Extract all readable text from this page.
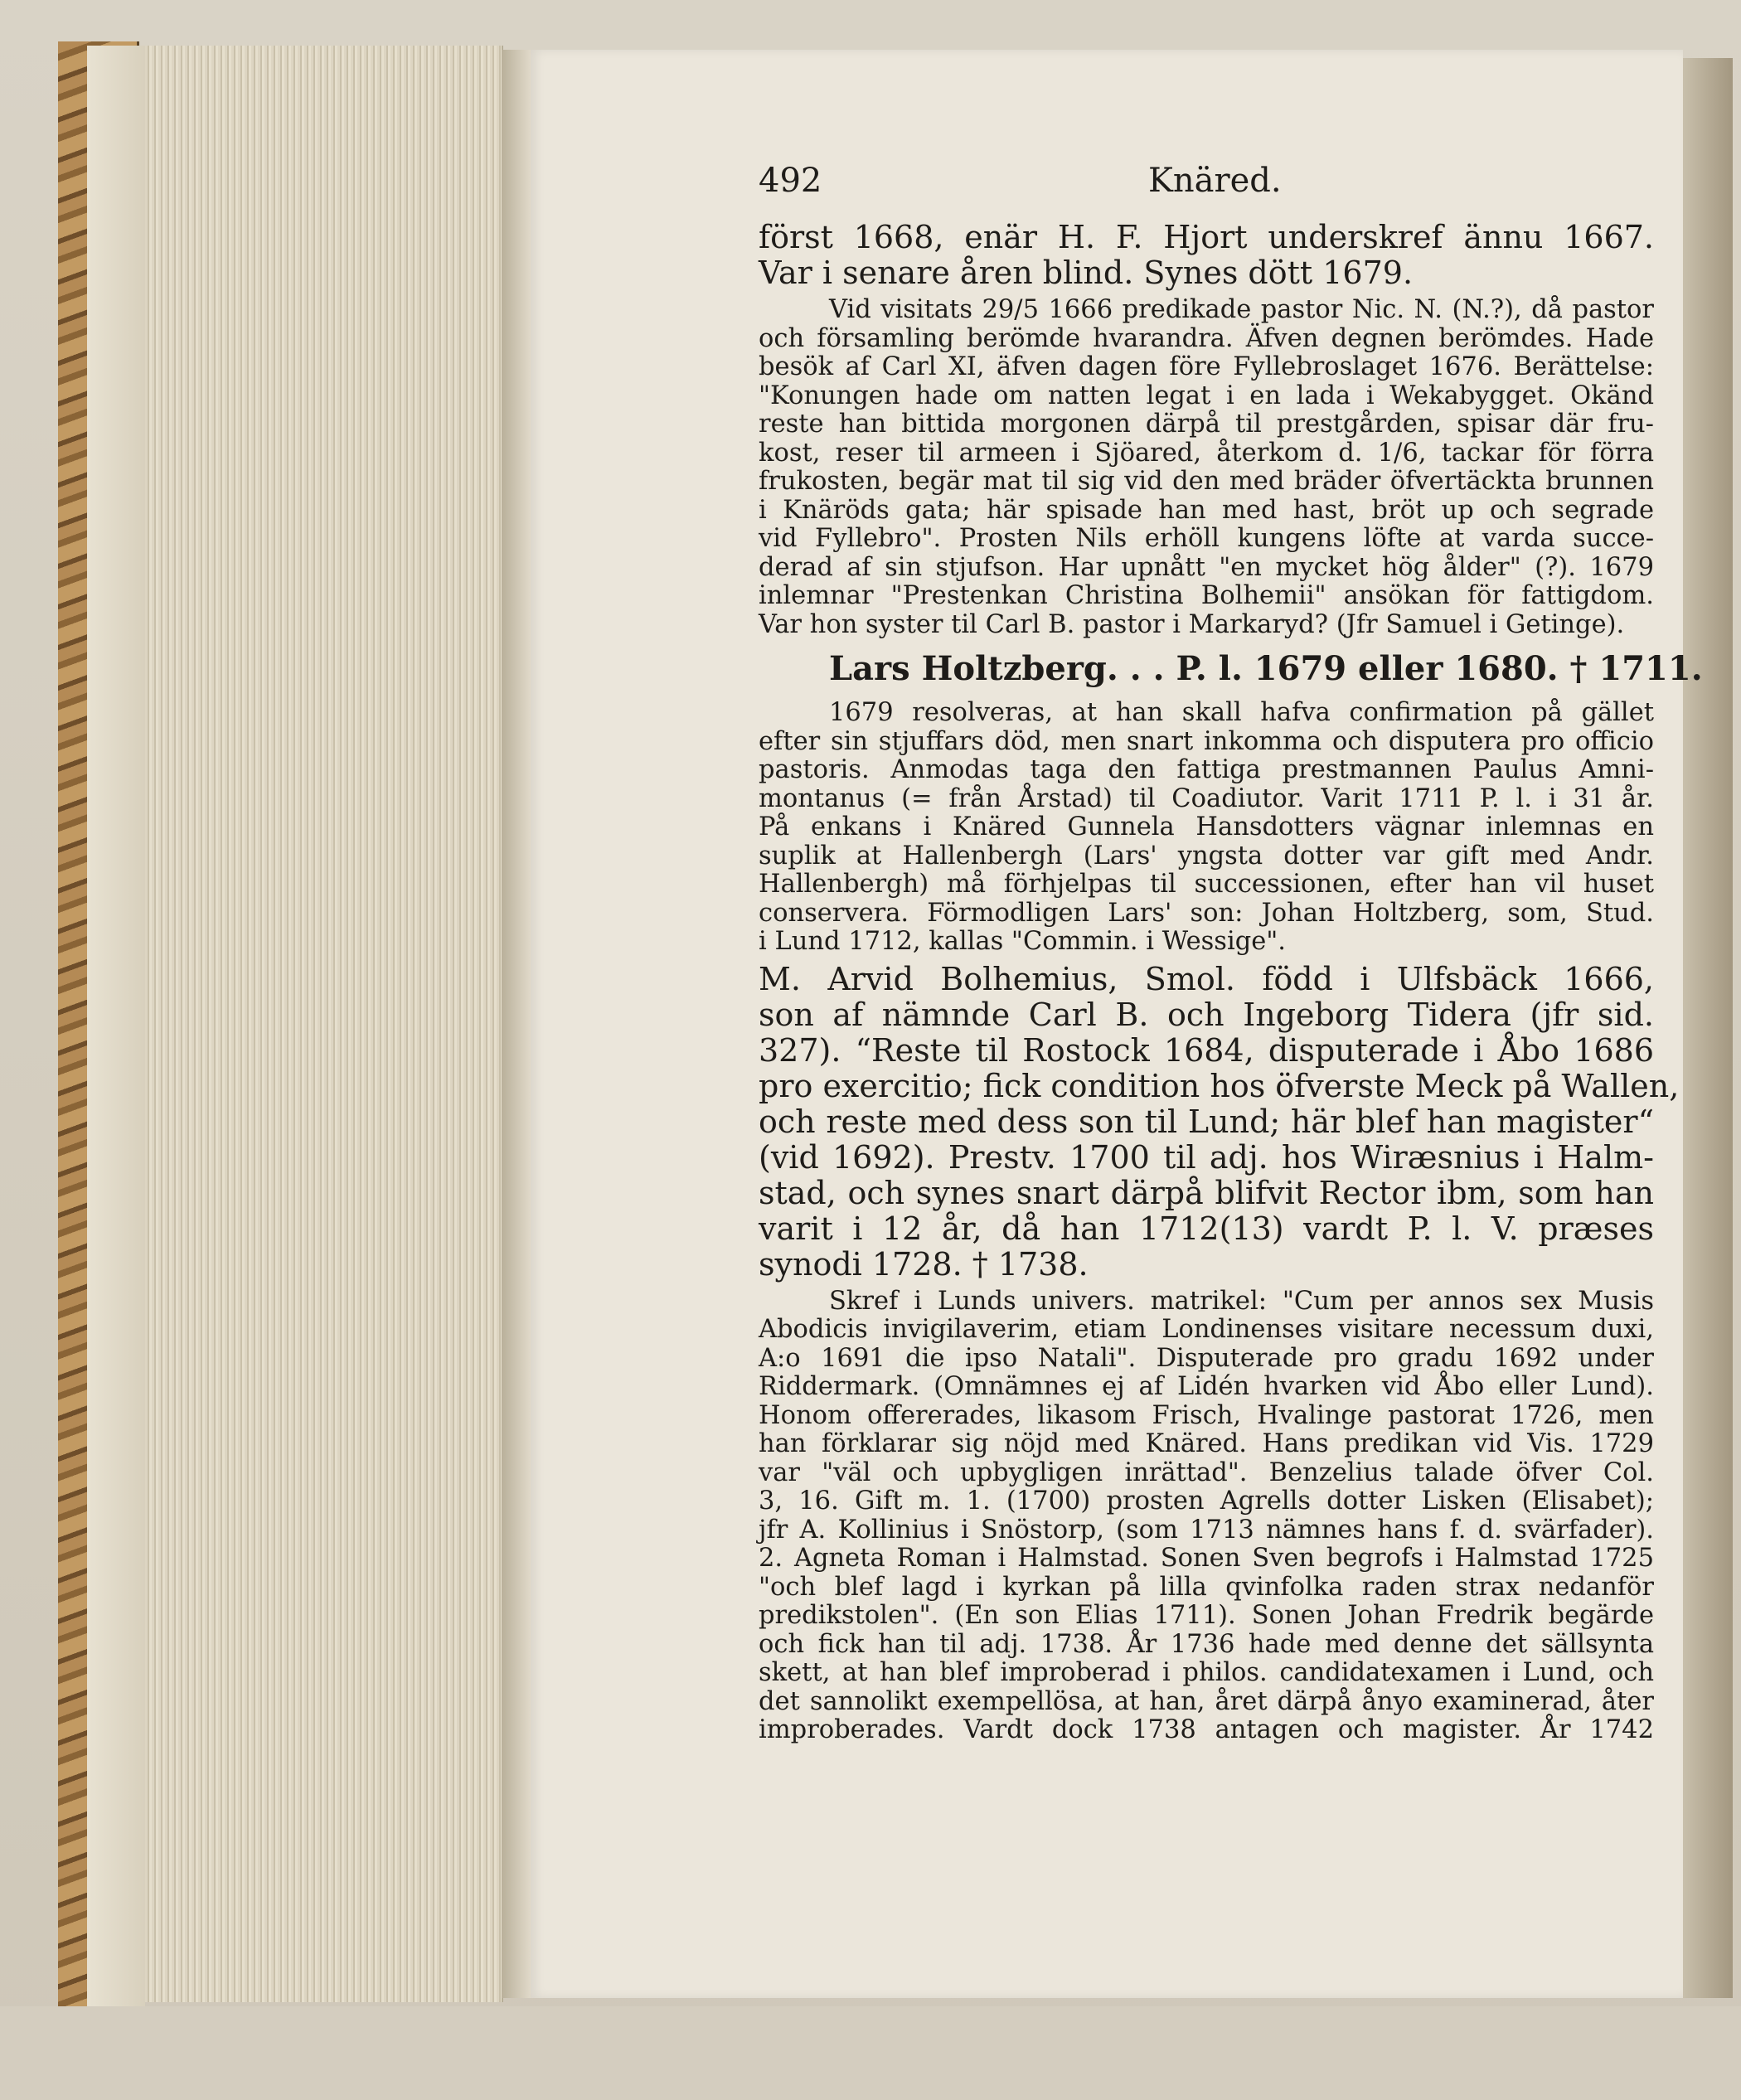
492	Knäred.
först 1668, enär H. F. Hjort underskref ännu 1667.
Var i senare åren blind. Synes dött 1679.
Vid visitats 29/5 1666 predikade pastor Nic. N. (N.?), då pastor
och församling berömde hvarandra. Äfven degnen berömdes. Hade
besök af Carl XI, äfven dagen före Fyllebroslaget 1676. Berättelse:
"Konungen hade om natten legat i en lada i Wekabygget. Okänd
reste han bittida morgonen därpå til prestgården, spisar där fru-
kost, reser til armeen i Sjöared, återkom d. 1/6, tackar för förra
frukosten, begär mat til sig vid den med bräder öfvertäckta brunnen
i Knäröds gata; här spisade han med hast, bröt up och segrade
vid Fyllebro". Prosten Nils erhöll kungens löfte at varda succe-
derad af sin stjufson. Har upnått "en mycket hög ålder" (?). 1679
inlemnar "Prestenkan Christina Bolhemii" ansökan för fattigdom.
Var hon syster til Carl B. pastor i Markaryd? (Jfr Samuel i Getinge).
Lars Holtzberg. . . P. l. 1679 eller 1680. † 1711.
1679 resolveras, at han skall hafva confirmation på gället
efter sin stjuffars död, men snart inkomma och disputera pro officio
pastoris. Anmodas taga den fattiga prestmannen Paulus Amni-
montanus (= från Årstad) til Coadiutor. Varit 1711 P. l. i 31 år.
På enkans i Knäred Gunnela Hansdotters vägnar inlemnas en
suplik at Hallenbergh (Lars' yngsta dotter var gift med Andr.
Hallenbergh) må förhjelpas til successionen, efter han vil huset
conservera. Förmodligen Lars' son: Johan Holtzberg, som, Stud.
i Lund 1712, kallas "Commin. i Wessige".
M. Arvid Bolhemius, Smol. född i Ulfsbäck 1666,
son af nämnde Carl B. och Ingeborg Tidera (jfr sid.
327). “Reste til Rostock 1684, disputerade i Åbo 1686
pro exercitio; fick condition hos öfverste Meck på Wallen,
och reste med dess son til Lund; här blef han magister“
(vid 1692). Prestv. 1700 til adj. hos Wiræsnius i Halm-
stad, och synes snart därpå blifvit Rector ibm, som han
varit i 12 år, då han 1712(13) vardt P. l. V. præses
synodi 1728. † 1738.
Skref i Lunds univers. matrikel: "Cum per annos sex Musis
Abodicis invigilaverim, etiam Londinenses visitare necessum duxi,
A:o 1691 die ipso Natali". Disputerade pro gradu 1692 under
Riddermark. (Omnämnes ej af Lidén hvarken vid Åbo eller Lund).
Honom offererades, likasom Frisch, Hvalinge pastorat 1726, men
han förklarar sig nöjd med Knäred. Hans predikan vid Vis. 1729
var "väl och upbygligen inrättad". Benzelius talade öfver Col.
3, 16. Gift m. 1. (1700) prosten Agrells dotter Lisken (Elisabet);
jfr A. Kollinius i Snöstorp, (som 1713 nämnes hans f. d. svärfader).
2. Agneta Roman i Halmstad. Sonen Sven begrofs i Halmstad 1725
"och blef lagd i kyrkan på lilla qvinfolka raden strax nedanför
predikstolen". (En son Elias 1711). Sonen Johan Fredrik begärde
och fick han til adj. 1738. År 1736 hade med denne det sällsynta
skett, at han blef improberad i philos. candidatexamen i Lund, och
det sannolikt exempellösa, at han, året därpå ånyo examinerad, åter
improberades. Vardt dock 1738 antagen och magister. År 1742
